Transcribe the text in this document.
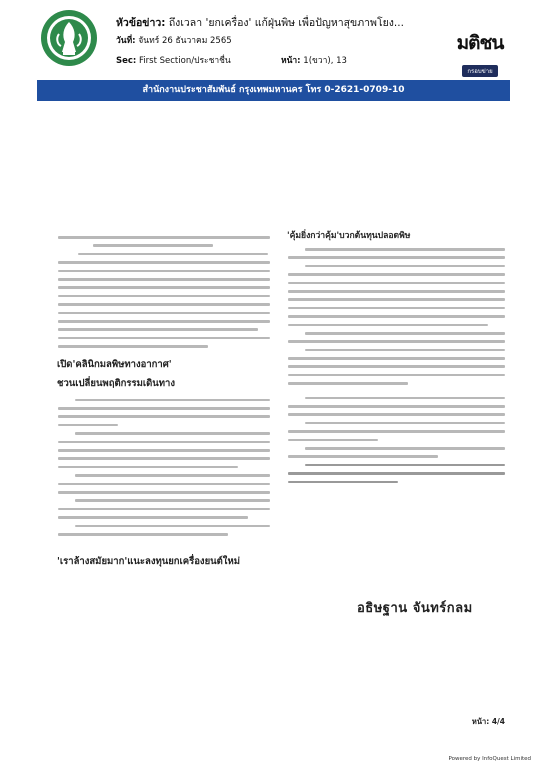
หัวข้อข่าว: ถึงเวลา 'ยกเครื่อง' แก้ฝุ่นพิษ เพื่อปัญหาสุขภาพโยง...
วันที่: จันทร์ 26 ธันวาคม 2565
Sec: First Section/ประชาชื่น	หน้า: 1(ขวา), 13
มติชน
กรอบข่าย
สำนักงานประชาสัมพันธ์ กรุงเทพมหานคร โทร 0-2621-0709-10
เปิด'คลินิกมลพิษทางอากาศ'
ชวนเปลี่ยนพฤติกรรมเดินทาง
'เราล้างสมัยมาก'แนะลงทุนยกเครื่องยนต์ใหม่
'คุ้มยิ่งกว่าคุ้ม'บวกต้นทุนปลอดพิษ
อธิษฐาน จันทร์กลม
หน้า: 4/4
Powered by InfoQuest Limited
